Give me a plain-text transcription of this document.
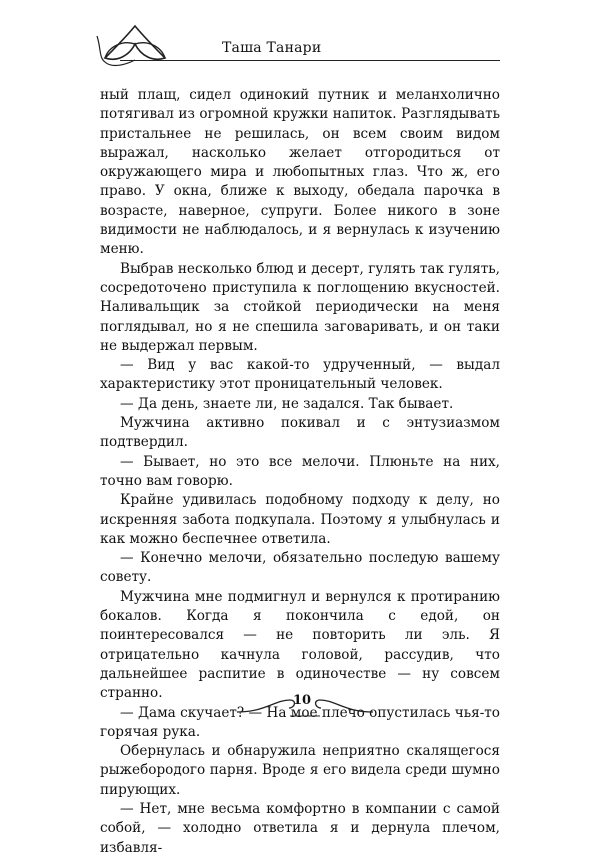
Таша Танари

ный плащ, сидел одинокий путник и меланхолично потягивал из огромной кружки напиток. Разглядывать пристальнее не решилась, он всем своим видом выражал, насколько желает отгородиться от окружающего мира и любопытных глаз. Что ж, его право. У окна, ближе к выходу, обедала парочка в возрасте, наверное, супруги. Более никого в зоне видимости не наблюдалось, и я вернулась к изучению меню.

Выбрав несколько блюд и десерт, гулять так гулять, сосредоточено приступила к поглощению вкусностей. Наливальщик за стойкой периодически на меня поглядывал, но я не спешила заговаривать, и он таки не выдержал первым.

— Вид у вас какой-то удрученный, — выдал характеристику этот проницательный человек.

— Да день, знаете ли, не задался. Так бывает.

Мужчина активно покивал и с энтузиазмом подтвердил.

— Бывает, но это все мелочи. Плюньте на них, точно вам говорю.

Крайне удивилась подобному подходу к делу, но искренняя забота подкупала. Поэтому я улыбнулась и как можно беспечнее ответила.

— Конечно мелочи, обязательно последую вашему совету.

Мужчина мне подмигнул и вернулся к протиранию бокалов. Когда я покончила с едой, он поинтересовался — не повторить ли эль. Я отрицательно качнула головой, рассудив, что дальнейшее распитие в одиночестве — ну совсем странно.

— Дама скучает? — На мое плечо опустилась чья-то горячая рука.

Обернулась и обнаружила неприятно скалящегося рыжебородого парня. Вроде я его видела среди шумно пирующих.

— Нет, мне весьма комфортно в компании с самой собой, — холодно ответила я и дернула плечом, избавля-

10
